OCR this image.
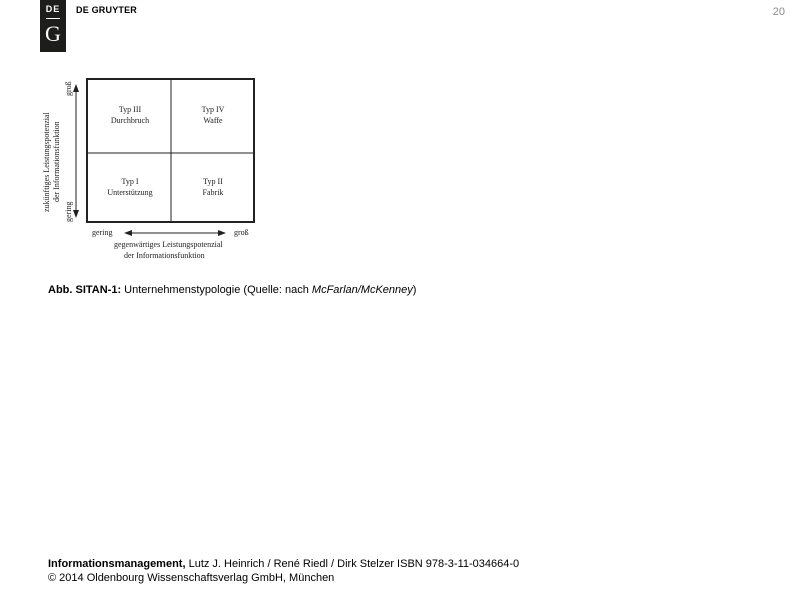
DE
G
DE GRUYTER	20
Typ III
Durchbruch
Typ IV
Waffe
Typ I
Unterstützung
Typ II
Fabrik
zukünftiges Leistungspotenzial der Informationsfunktion
gering
groß
gering	groß
gegenwärtiges Leistungspotenzial
der Informationsfunktion
Abb. SITAN-1: Unternehmenstypologie (Quelle: nach McFarlan/McKenney)
Informationsmanagement, Lutz J. Heinrich / René Riedl / Dirk Stelzer ISBN 978-3-11-034664-0
© 2014 Oldenbourg Wissenschaftsverlag GmbH, München
